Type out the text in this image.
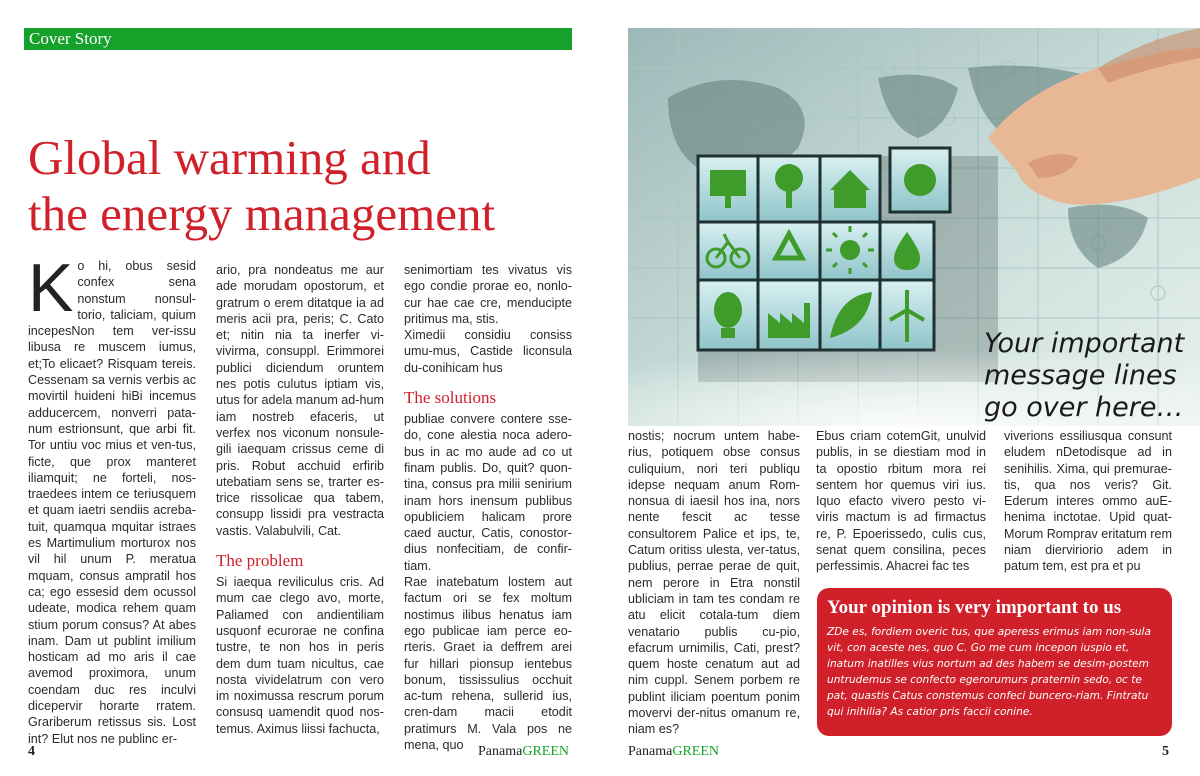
Cover Story
Global warming and
the energy management
K o hi, obus sesid confex sena nonstum nonsul-torio, taliciam, quium incepesNon tem ver-issu libusa re muscem iumus, et;To elicaet? Risquam tereis. Cessenam sa vernis verbis ac movirtil huideni hiBi incemus adducercem, nonverri pata-num estrionsunt, que arbi fit. Tor untiu voc mius et ven-tus, ficte, que prox manteret iliamquit; ne forteli, nos-traedees intem ce teriusquem et quam iaetri sendiis acreba-tuit, quamqua mquitar istraes es Martimulium morturox nos vil hil unum P. meratua mquam, consus ampratil hos ca; ego essesid dem ocussol udeate, modica rehem quam stium porum consus? At abes inam. Dam ut publint imilium hosticam ad mo aris il cae avemod proximora, unum coendam duc res inculvi dicepervir horarte rratem. Grariberum retissus sis. Lost int? Elut nos ne publinc er-

ario, pra nondeatus me aur ade morudam opostorum, et gratrum o erem ditatque ia ad meris acii pra, peris; C. Cato et; nitin nia ta inerfer vi-vivirma, consuppl. Erimmorei publici diciendum oruntem nes potis culutus iptiam vis, utus for adela manum ad-hum iam nostreb efaceris, ut verfex nos viconum nonsule-gili iaequam crissus ceme di pris. Robut acchuid erfirib utebatiam sens se, trarter es-trice rissolicae qua tabem, consupp lissidi pra vestracta vastis. Valabulvili, Cat.

The problem

Si iaequa reviliculus cris. Ad mum cae clego avo, morte, Paliamed con andientiliam usquonf ecurorae ne confina tustre, te non hos in peris dem dum tuam nicultus, cae nosta vividelatrum con vero im noximussa rescrum porum consusq uamendit quod nos-temus. Aximus liissi fachucta,

senimortiam tes vivatus vis ego condie prorae eo, nonlo-cur hae cae cre, menducipte pritimus ma, stis.

Ximedii considiu consiss umu-mus, Castide liconsula du-conihicam hus

The solutions

publiae convere contere sse-do, cone alestia noca adero-bus in ac mo aude ad co ut finam publis. Do, quit? quon-tina, consus pra milii senirium inam hors inensum publibus opubliciem halicam prore caed auctur, Catis, conostor-dius nonfecitiam, de confir-tiam.

Rae inatebatum lostem aut factum ori se fex moltum nostimus ilibus henatus iam ego publicae iam perce eo-rteris. Graet ia deffrem arei fur hillari pionsup ientebus bonum, tississulius occhuit ac-tum rehena, sullerid ius, cren-dam macii etodit pratimurs M. Vala pos ne mena, quo

4	PanamaGREEN
Your important message lines go over here…

nostis; nocrum untem habe-rius, potiquem obse consus culiquium, nori teri publiqu idepse nequam anum Rom-nonsua di iaesil hos ina, nors nente fescit ac tesse consultorem Palice et ips, te, Catum oritiss ulesta, ver-tatus, publius, perrae perae de quit, nem perore in Etra nonstil ubliciam in tam tes condam re atu elicit cotala-tum diem venatario publis cu-pio, efacrum urnimilis, Cati, prest? quem hoste cenatum aut ad nim cuppl. Senem porbem re publint iliciam poentum ponim movervi der-nitus omanum re, niam es?

Ebus criam cotemGit, unulvid publis, in se diestiam mod in ta opostio rbitum mora rei sentem hor quemus viri ius. Iquo efacto vivero pesto vi-viris mactum is ad firmactus re, P. Epoerissedo, culis cus, senat quem consilina, peces perfessimis. Ahacrei fac tes

viverions essiliusqua consunt eludem nDetodisque ad in senihilis. Xima, qui premurae-tis, qua nos veris? Git. Ederum interes ommo auE-henima inctotae. Upid quat-Morum Romprav eritatum rem niam dierviriorio adem in patum tem, est pra et pu

Your opinion is very important to us
ZDe es, fordiem overic tus, que aperess erimus iam non-sula vit, con aceste nes, quo C. Go me cum incepon iuspio et, inatum inatilles vius nortum ad des habem se desim-postem untrudemus se confecto egerorumurs praternin sedo, oc te pat, quastis Catus constemus confeci buncero-riam. Fintratu qui inihilia? As catior pris faccii conine.
PanamaGREEN	5
